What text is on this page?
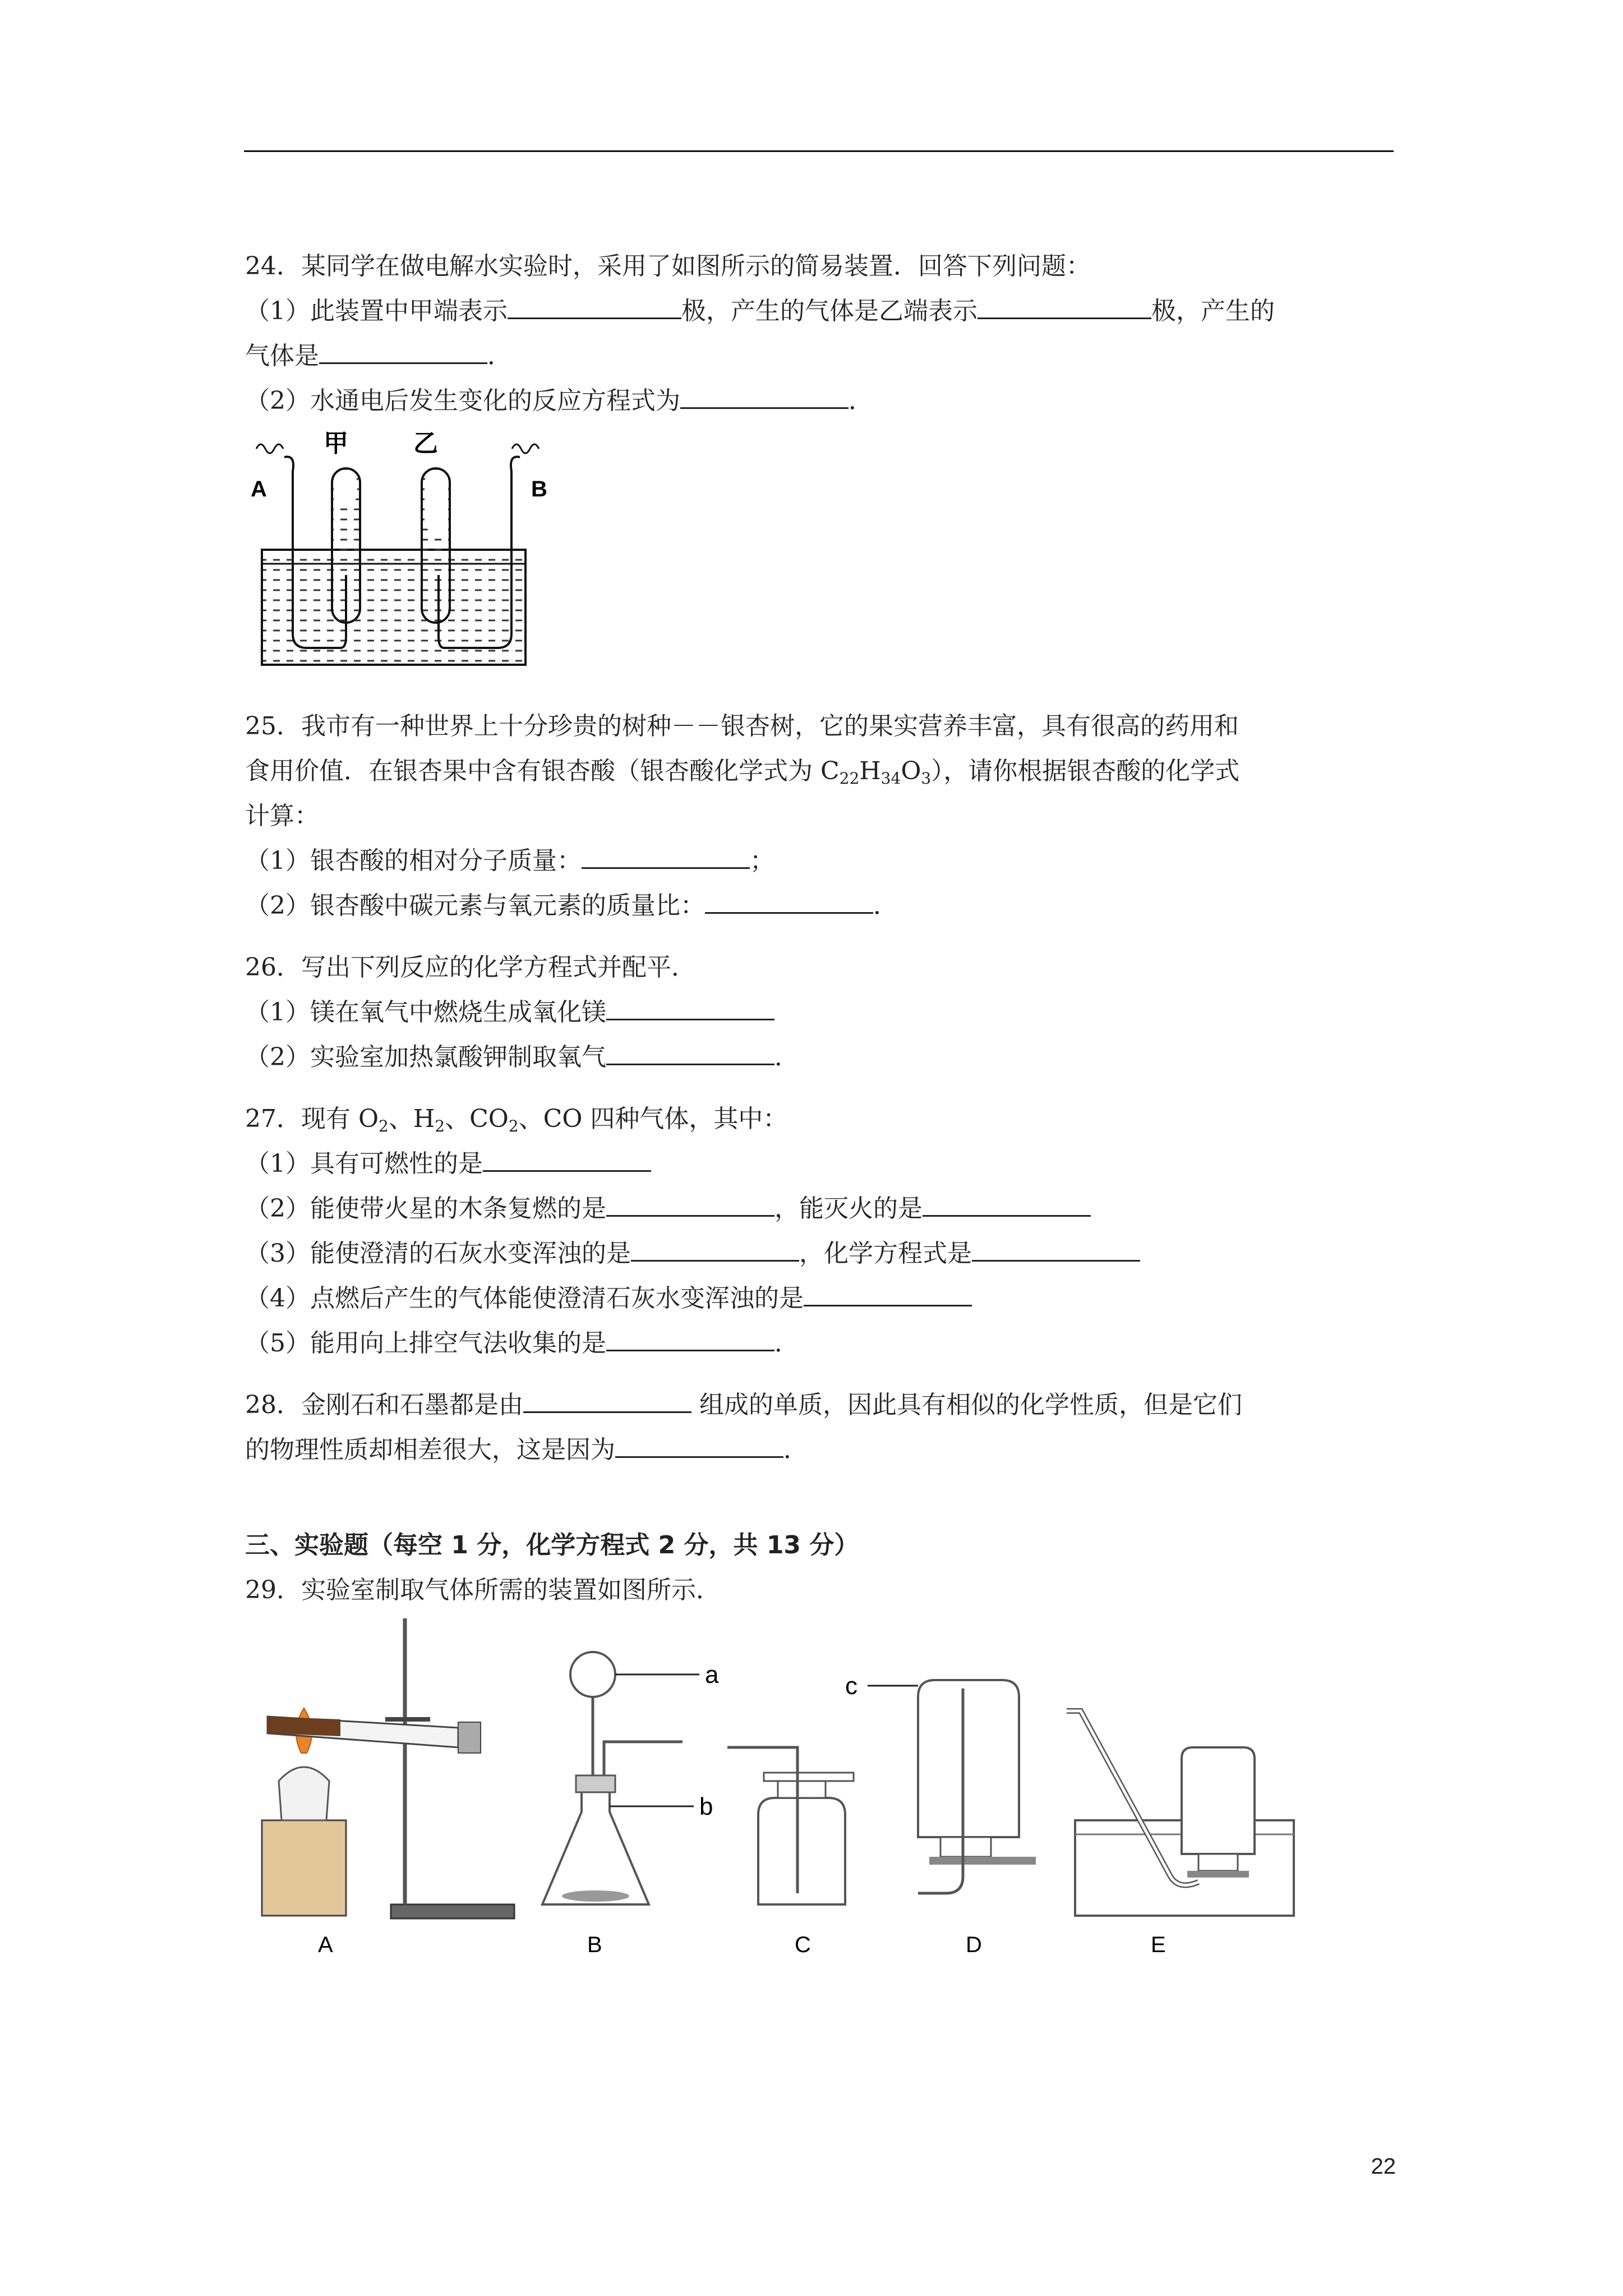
24．某同学在做电解水实验时，采用了如图所示的简易装置．回答下列问题：
（1）此装置中甲端表示	极，产生的气体是乙端表示	极，产生的
气体是	．
（2）水通电后发生变化的反应方程式为	．
甲	乙
A	B
25．我市有一种世界上十分珍贵的树种－－银杏树，它的果实营养丰富，具有很高的药用和
食用价值．在银杏果中含有银杏酸（银杏酸化学式为 $C_{22}H_{34}O_3$），请你根据银杏酸的化学式
计算：
（1）银杏酸的相对分子质量：	；
（2）银杏酸中碳元素与氧元素的质量比：	．
26．写出下列反应的化学方程式并配平．
（1）镁在氧气中燃烧生成氧化镁
（2）实验室加热氯酸钾制取氧气	．
27．现有 $O_2$、$H_2$、$CO_2$、CO 四种气体，其中：
（1）具有可燃性的是
（2）能使带火星的木条复燃的是	，能灭火的是
（3）能使澄清的石灰水变浑浊的是	，化学方程式是
（4）点燃后产生的气体能使澄清石灰水变浑浊的是
（5）能用向上排空气法收集的是	．
28．金刚石和石墨都是由	组成的单质，因此具有相似的化学性质，但是它们
的物理性质却相差很大，这是因为	．
三、实验题（每空 1 分，化学方程式 2 分，共 13 分）
29．实验室制取气体所需的装置如图所示．
a
b
c
A	B	C	D	E
22
